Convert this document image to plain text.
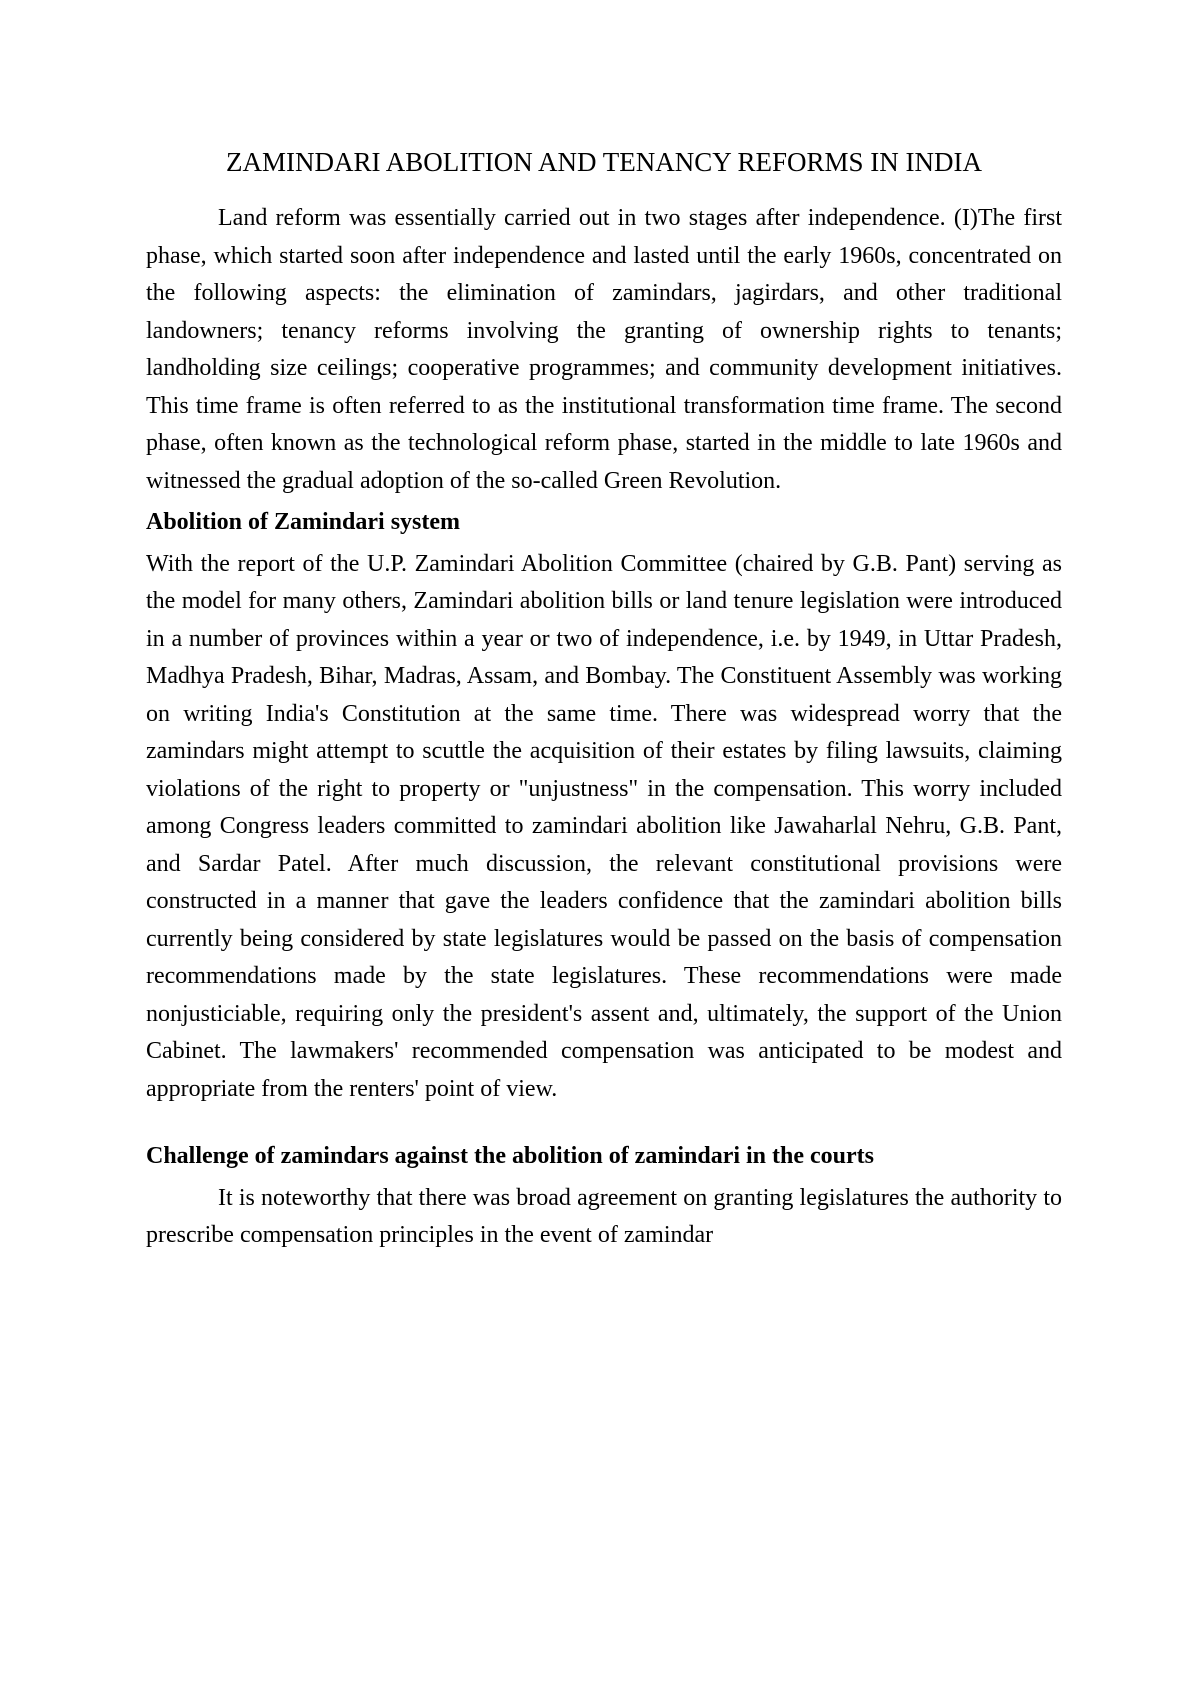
ZAMINDARI ABOLITION AND TENANCY REFORMS IN INDIA

Land reform was essentially carried out in two stages after independence. (I)The first phase, which started soon after independence and lasted until the early 1960s, concentrated on the following aspects: the elimination of zamindars, jagirdars, and other traditional landowners; tenancy reforms involving the granting of ownership rights to tenants; landholding size ceilings; cooperative programmes; and community development initiatives. This time frame is often referred to as the institutional transformation time frame. The second phase, often known as the technological reform phase, started in the middle to late 1960s and witnessed the gradual adoption of the so-called Green Revolution.

Abolition of Zamindari system

With the report of the U.P. Zamindari Abolition Committee (chaired by G.B. Pant) serving as the model for many others, Zamindari abolition bills or land tenure legislation were introduced in a number of provinces within a year or two of independence, i.e. by 1949, in Uttar Pradesh, Madhya Pradesh, Bihar, Madras, Assam, and Bombay. The Constituent Assembly was working on writing India's Constitution at the same time. There was widespread worry that the zamindars might attempt to scuttle the acquisition of their estates by filing lawsuits, claiming violations of the right to property or "unjustness" in the compensation. This worry included among Congress leaders committed to zamindari abolition like Jawaharlal Nehru, G.B. Pant, and Sardar Patel. After much discussion, the relevant constitutional provisions were constructed in a manner that gave the leaders confidence that the zamindari abolition bills currently being considered by state legislatures would be passed on the basis of compensation recommendations made by the state legislatures. These recommendations were made nonjusticiable, requiring only the president's assent and, ultimately, the support of the Union Cabinet. The lawmakers' recommended compensation was anticipated to be modest and appropriate from the renters' point of view.

Challenge of zamindars against the abolition of zamindari in the courts

It is noteworthy that there was broad agreement on granting legislatures the authority to prescribe compensation principles in the event of zamindar
